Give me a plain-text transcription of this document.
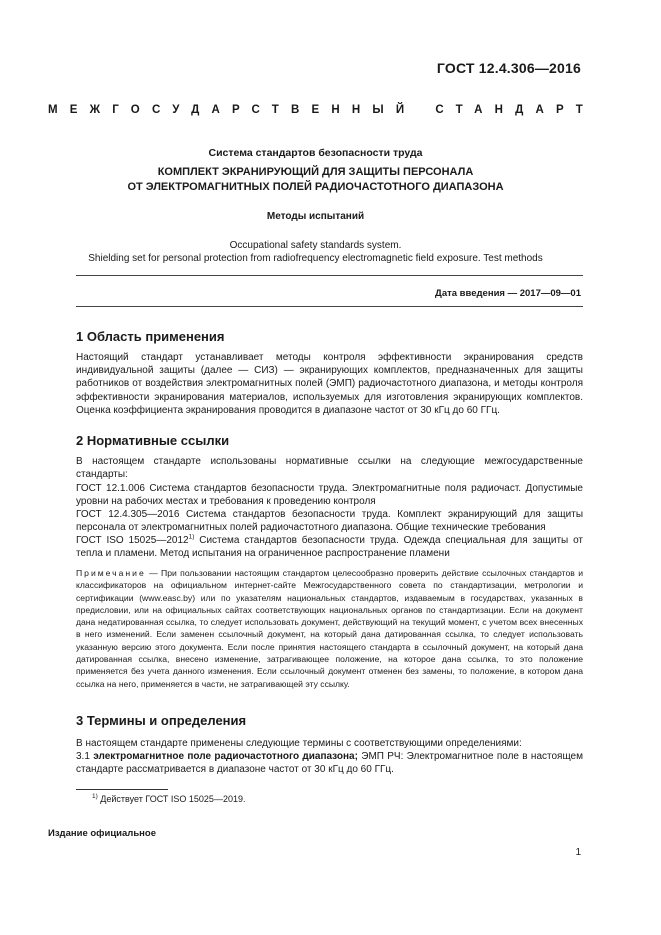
ГОСТ 12.4.306—2016
МЕЖГОСУДАРСТВЕННЫЙ СТАНДАРТ
Система стандартов безопасности труда
КОМПЛЕКТ ЭКРАНИРУЮЩИЙ ДЛЯ ЗАЩИТЫ ПЕРСОНАЛА
ОТ ЭЛЕКТРОМАГНИТНЫХ ПОЛЕЙ РАДИОЧАСТОТНОГО ДИАПАЗОНА
Методы испытаний
Occupational safety standards system.
Shielding set for personal protection from radiofrequency electromagnetic field exposure. Test methods
Дата введения — 2017—09—01
1 Область применения
Настоящий стандарт устанавливает методы контроля эффективности экранирования средств индивидуальной защиты (далее — СИЗ) — экранирующих комплектов, предназначенных для защиты работников от воздействия электромагнитных полей (ЭМП) радиочастотного диапазона, и методы контроля эффективности экранирования материалов, используемых для изготовления экранирующих комплектов. Оценка коэффициента экранирования проводится в диапазоне частот от 30 кГц до 60 ГГц.
2 Нормативные ссылки
В настоящем стандарте использованы нормативные ссылки на следующие межгосударственные стандарты:
ГОСТ 12.1.006 Система стандартов безопасности труда. Электромагнитные поля радиочаст. Допустимые уровни на рабочих местах и требования к проведению контроля
ГОСТ 12.4.305—2016 Система стандартов безопасности труда. Комплект экранирующий для защиты персонала от электромагнитных полей радиочастотного диапазона. Общие технические требования
ГОСТ ISO 15025—2012$^{1)}$ Система стандартов безопасности труда. Одежда специальная для защиты от тепла и пламени. Метод испытания на ограниченное распространение пламени
Примечание — При пользовании настоящим стандартом целесообразно проверить действие ссылочных стандартов и классификаторов на официальном интернет-сайте Межгосударственного совета по стандартизации, метрологии и сертификации (www.easc.by) или по указателям национальных стандартов, издаваемым в государствах, указанных в предисловии, или на официальных сайтах соответствующих национальных органов по стандартизации. Если на документ дана недатированная ссылка, то следует использовать документ, действующий на текущий момент, с учетом всех внесенных в него изменений. Если заменен ссылочный документ, на который дана датированная ссылка, то следует использовать указанную версию этого документа. Если после принятия настоящего стандарта в ссылочный документ, на который дана датированная ссылка, внесено изменение, затрагивающее положение, на которое дана ссылка, то это положение применяется без учета данного изменения. Если ссылочный документ отменен без замены, то положение, в котором дана ссылка на него, применяется в части, не затрагивающей эту ссылку.
3 Термины и определения
В настоящем стандарте применены следующие термины с соответствующими определениями:
3.1 электромагнитное поле радиочастотного диапазона; ЭМП РЧ: Электромагнитное поле в настоящем стандарте рассматривается в диапазоне частот от 30 кГц до 60 ГГц.
$^{1)}$ Действует ГОСТ ISO 15025—2019.
Издание официальное
1
